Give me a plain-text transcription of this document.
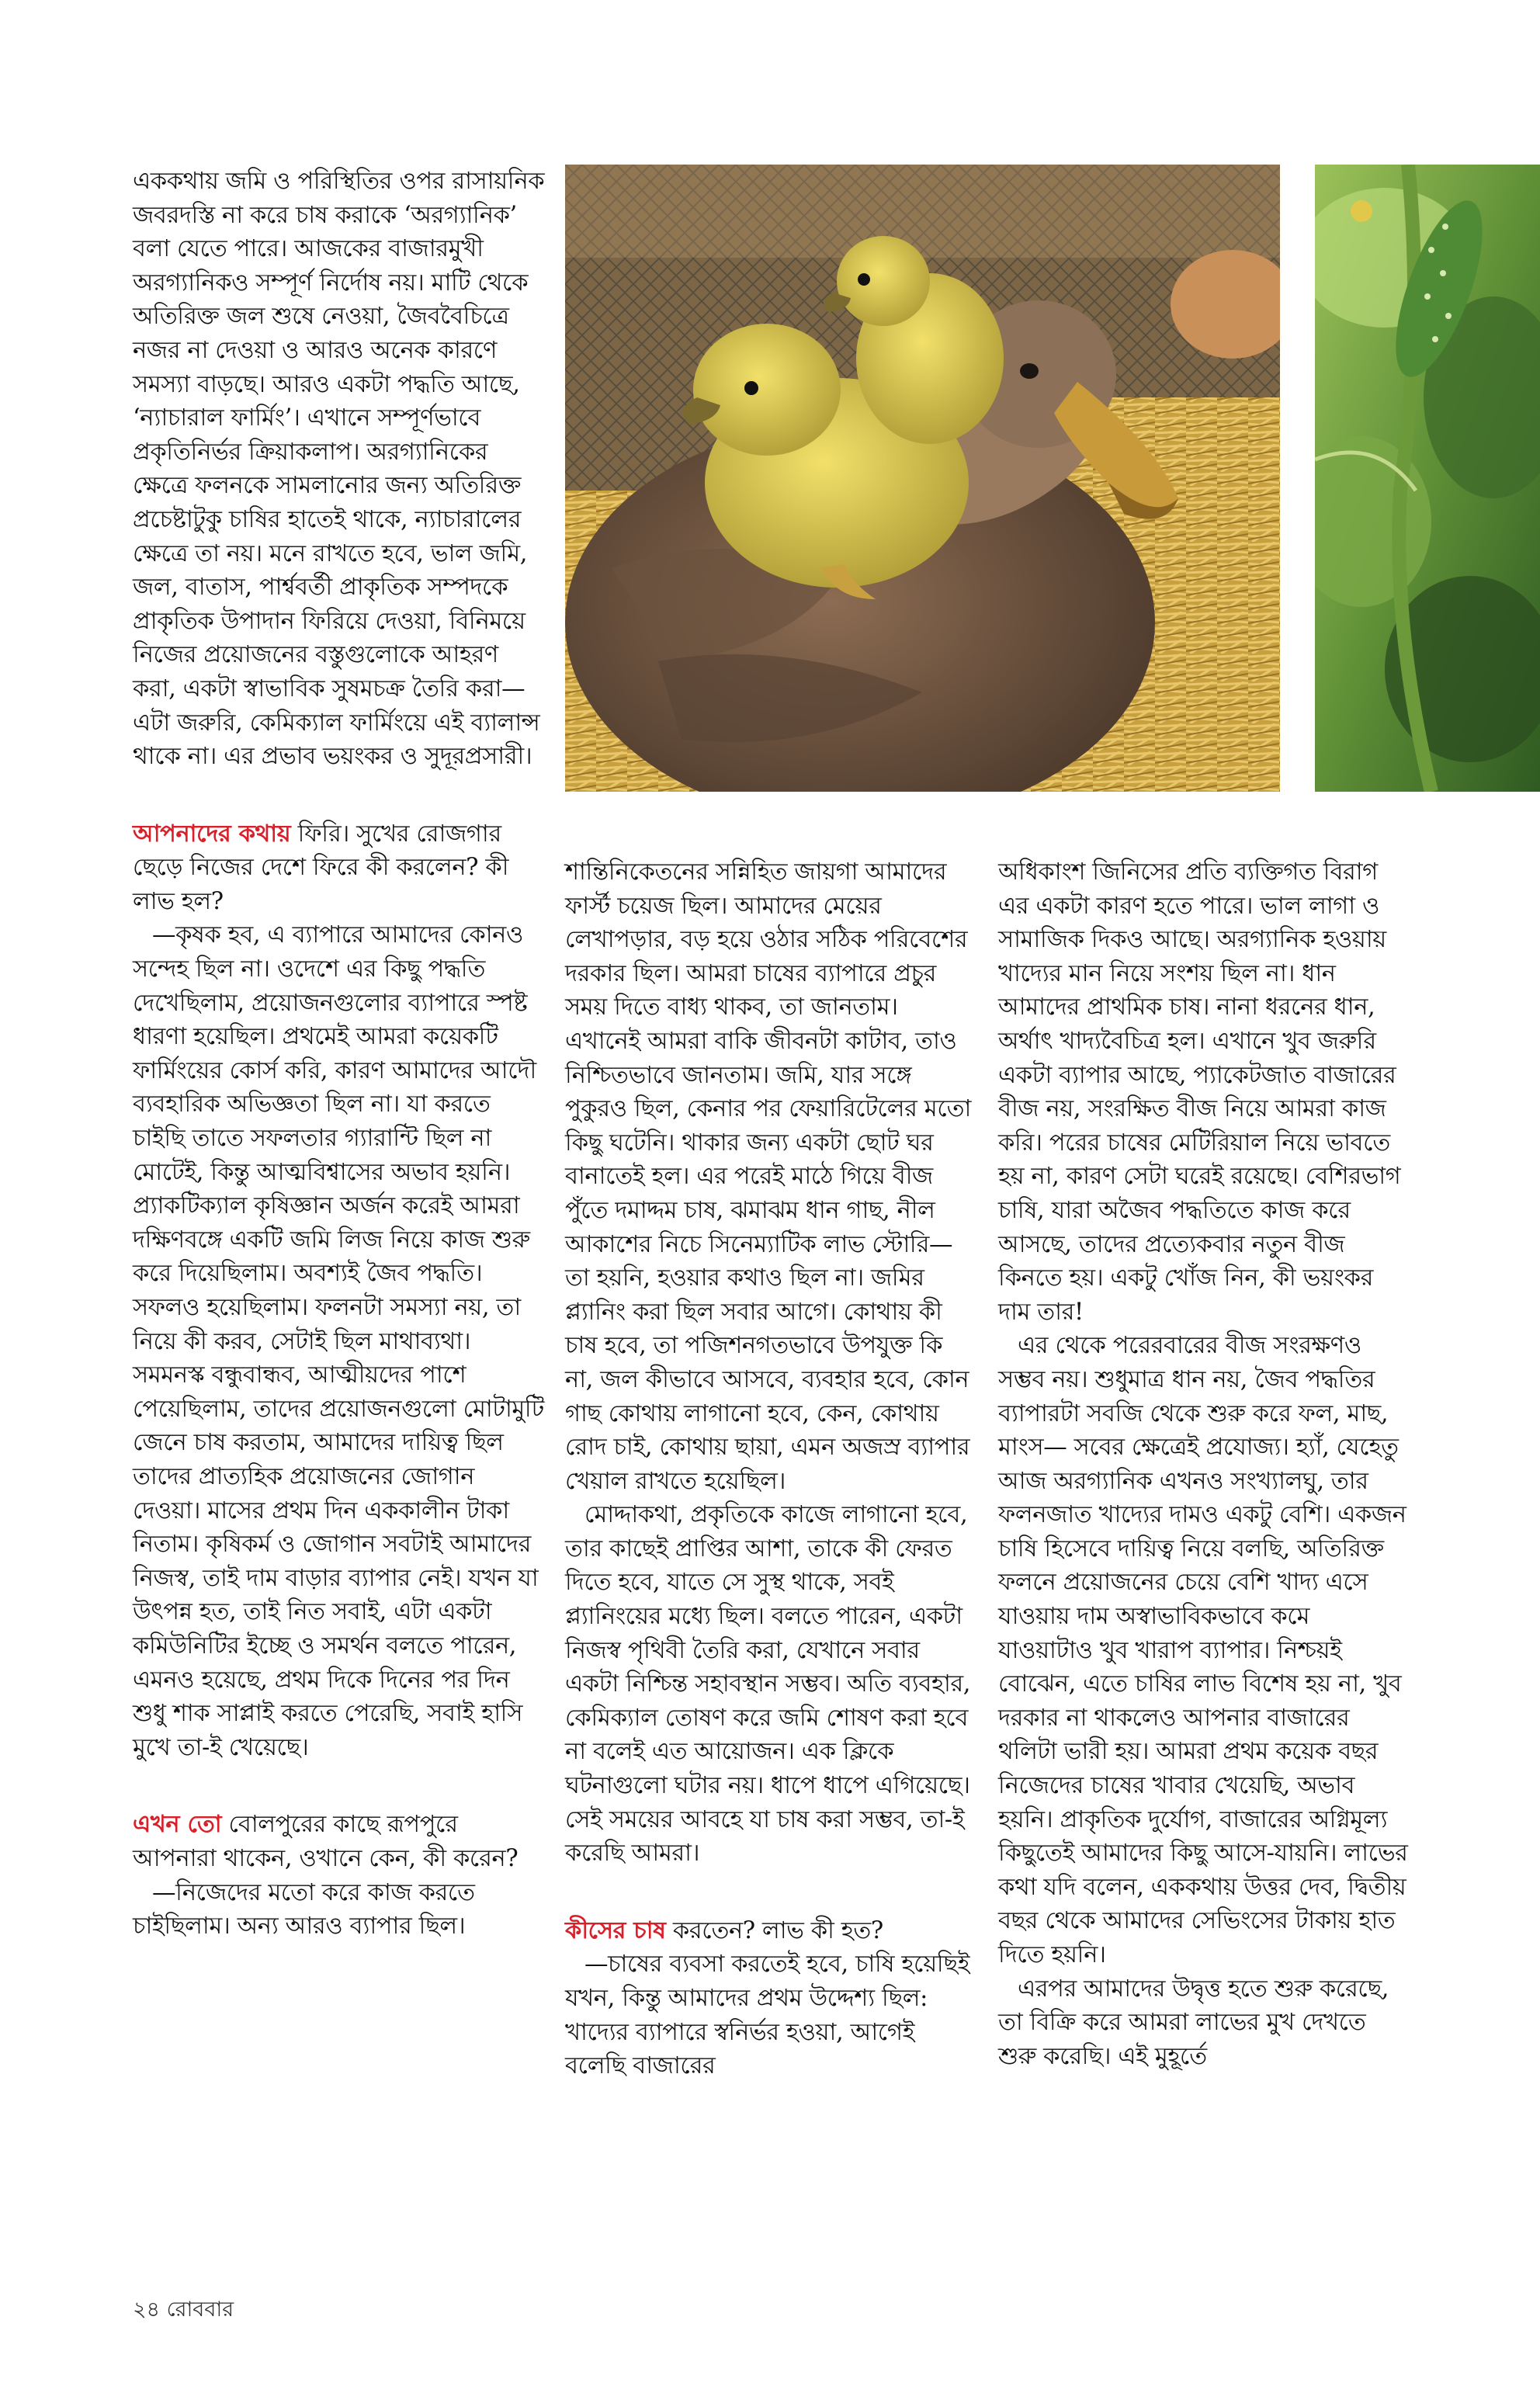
এককথায় জমি ও পরিস্থিতির ওপর রাসায়নিক জবরদস্তি না করে চাষ করাকে ‘অরগ্যানিক’ বলা যেতে পারে। আজকের বাজারমুখী অরগ্যানিকও সম্পূর্ণ নির্দোষ নয়। মাটি থেকে অতিরিক্ত জল শুষে নেওয়া, জৈববৈচিত্রে নজর না দেওয়া ও আরও অনেক কারণে সমস্যা বাড়ছে। আরও একটা পদ্ধতি আছে, ‘ন্যাচারাল ফার্মিং’। এখানে সম্পূর্ণভাবে প্রকৃতিনির্ভর ক্রিয়াকলাপ। অরগ্যানিকের ক্ষেত্রে ফলনকে সামলানোর জন্য অতিরিক্ত প্রচেষ্টাটুকু চাষির হাতেই থাকে, ন্যাচারালের ক্ষেত্রে তা নয়। মনে রাখতে হবে, ভাল জমি, জল, বাতাস, পার্শ্ববর্তী প্রাকৃতিক সম্পদকে প্রাকৃতিক উপাদান ফিরিয়ে দেওয়া, বিনিময়ে নিজের প্রয়োজনের বস্তুগুলোকে আহরণ করা, একটা স্বাভাবিক সুষমচক্র তৈরি করা— এটা জরুরি, কেমিক্যাল ফার্মিংয়ে এই ব্যালান্স থাকে না। এর প্রভাব ভয়ংকর ও সুদূরপ্রসারী।

আপনাদের কথায় ফিরি। সুখের রোজগার ছেড়ে নিজের দেশে ফিরে কী করলেন? কী লাভ হল?

—কৃষক হব, এ ব্যাপারে আমাদের কোনও সন্দেহ ছিল না। ওদেশে এর কিছু পদ্ধতি দেখেছিলাম, প্রয়োজনগুলোর ব্যাপারে স্পষ্ট ধারণা হয়েছিল। প্রথমেই আমরা কয়েকটি ফার্মিংয়ের কোর্স করি, কারণ আমাদের আদৌ ব্যবহারিক অভিজ্ঞতা ছিল না। যা করতে চাইছি তাতে সফলতার গ্যারান্টি ছিল না মোটেই, কিন্তু আত্মবিশ্বাসের অভাব হয়নি। প্র্যাকটিক্যাল কৃষিজ্ঞান অর্জন করেই আমরা দক্ষিণবঙ্গে একটি জমি লিজ নিয়ে কাজ শুরু করে দিয়েছিলাম। অবশ্যই জৈব পদ্ধতি। সফলও হয়েছিলাম। ফলনটা সমস্যা নয়, তা নিয়ে কী করব, সেটাই ছিল মাথাব্যথা। সমমনস্ক বন্ধুবান্ধব, আত্মীয়দের পাশে পেয়েছিলাম, তাদের প্রয়োজনগুলো মোটামুটি জেনে চাষ করতাম, আমাদের দায়িত্ব ছিল তাদের প্রাত্যহিক প্রয়োজনের জোগান দেওয়া। মাসের প্রথম দিন এককালীন টাকা নিতাম। কৃষিকর্ম ও জোগান সবটাই আমাদের নিজস্ব, তাই দাম বাড়ার ব্যাপার নেই। যখন যা উৎপন্ন হত, তাই নিত সবাই, এটা একটা কমিউনিটির ইচ্ছে ও সমর্থন বলতে পারেন, এমনও হয়েছে, প্রথম দিকে দিনের পর দিন শুধু শাক সাপ্লাই করতে পেরেছি, সবাই হাসি মুখে তা-ই খেয়েছে।

এখন তো বোলপুরের কাছে রূপপুরে আপনারা থাকেন, ওখানে কেন, কী করেন?

—নিজেদের মতো করে কাজ করতে চাইছিলাম। অন্য আরও ব্যাপার ছিল।

শান্তিনিকেতনের সন্নিহিত জায়গা আমাদের ফার্স্ট চয়েজ ছিল। আমাদের মেয়ের লেখাপড়ার, বড় হয়ে ওঠার সঠিক পরিবেশের দরকার ছিল। আমরা চাষের ব্যাপারে প্রচুর সময় দিতে বাধ্য থাকব, তা জানতাম। এখানেই আমরা বাকি জীবনটা কাটাব, তাও নিশ্চিতভাবে জানতাম। জমি, যার সঙ্গে পুকুরও ছিল, কেনার পর ফেয়ারিটেলের মতো কিছু ঘটেনি। থাকার জন্য একটা ছোট ঘর বানাতেই হল। এর পরেই মাঠে গিয়ে বীজ পুঁতে দমাদ্দম চাষ, ঝমাঝম ধান গাছ, নীল আকাশের নিচে সিনেম্যাটিক লাভ স্টোরি— তা হয়নি, হওয়ার কথাও ছিল না। জমির প্ল্যানিং করা ছিল সবার আগে। কোথায় কী চাষ হবে, তা পজিশনগতভাবে উপযুক্ত কি না, জল কীভাবে আসবে, ব্যবহার হবে, কোন গাছ কোথায় লাগানো হবে, কেন, কোথায় রোদ চাই, কোথায় ছায়া, এমন অজস্র ব্যাপার খেয়াল রাখতে হয়েছিল।

মোদ্দাকথা, প্রকৃতিকে কাজে লাগানো হবে, তার কাছেই প্রাপ্তির আশা, তাকে কী ফেরত দিতে হবে, যাতে সে সুস্থ থাকে, সবই প্ল্যানিংয়ের মধ্যে ছিল। বলতে পারেন, একটা নিজস্ব পৃথিবী তৈরি করা, যেখানে সবার একটা নিশ্চিন্ত সহাবস্থান সম্ভব। অতি ব্যবহার, কেমিক্যাল তোষণ করে জমি শোষণ করা হবে না বলেই এত আয়োজন। এক ক্লিকে ঘটনাগুলো ঘটার নয়। ধাপে ধাপে এগিয়েছে। সেই সময়ের আবহে যা চাষ করা সম্ভব, তা-ই করেছি আমরা।

কীসের চাষ করতেন? লাভ কী হত?

—চাষের ব্যবসা করতেই হবে, চাষি হয়েছিই যখন, কিন্তু আমাদের প্রথম উদ্দেশ্য ছিল: খাদ্যের ব্যাপারে স্বনির্ভর হওয়া, আগেই বলেছি বাজারের

অধিকাংশ জিনিসের প্রতি ব্যক্তিগত বিরাগ এর একটা কারণ হতে পারে। ভাল লাগা ও সামাজিক দিকও আছে। অরগ্যানিক হওয়ায় খাদ্যের মান নিয়ে সংশয় ছিল না। ধান আমাদের প্রাথমিক চাষ। নানা ধরনের ধান, অর্থাৎ খাদ্যবৈচিত্র হল। এখানে খুব জরুরি একটা ব্যাপার আছে, প্যাকেটজাত বাজারের বীজ নয়, সংরক্ষিত বীজ নিয়ে আমরা কাজ করি। পরের চাষের মেটিরিয়াল নিয়ে ভাবতে হয় না, কারণ সেটা ঘরেই রয়েছে। বেশিরভাগ চাষি, যারা অজৈব পদ্ধতিতে কাজ করে আসছে, তাদের প্রত্যেকবার নতুন বীজ কিনতে হয়। একটু খোঁজ নিন, কী ভয়ংকর দাম তার!

এর থেকে পরেরবারের বীজ সংরক্ষণও সম্ভব নয়। শুধুমাত্র ধান নয়, জৈব পদ্ধতির ব্যাপারটা সবজি থেকে শুরু করে ফল, মাছ, মাংস— সবের ক্ষেত্রেই প্রযোজ্য। হ্যাঁ, যেহেতু আজ অরগ্যানিক এখনও সংখ্যালঘু, তার ফলনজাত খাদ্যের দামও একটু বেশি। একজন চাষি হিসেবে দায়িত্ব নিয়ে বলছি, অতিরিক্ত ফলনে প্রয়োজনের চেয়ে বেশি খাদ্য এসে যাওয়ায় দাম অস্বাভাবিকভাবে কমে যাওয়াটাও খুব খারাপ ব্যাপার। নিশ্চয়ই বোঝেন, এতে চাষির লাভ বিশেষ হয় না, খুব দরকার না থাকলেও আপনার বাজারের থলিটা ভারী হয়। আমরা প্রথম কয়েক বছর নিজেদের চাষের খাবার খেয়েছি, অভাব হয়নি। প্রাকৃতিক দুর্যোগ, বাজারের অগ্নিমূল্য কিছুতেই আমাদের কিছু আসে-যায়নি। লাভের কথা যদি বলেন, এককথায় উত্তর দেব, দ্বিতীয় বছর থেকে আমাদের সেভিংসের টাকায় হাত দিতে হয়নি।

এরপর আমাদের উদ্বৃত্ত হতে শুরু করেছে, তা বিক্রি করে আমরা লাভের মুখ দেখতে শুরু করেছি। এই মুহূর্তে

২৪ রোববার
